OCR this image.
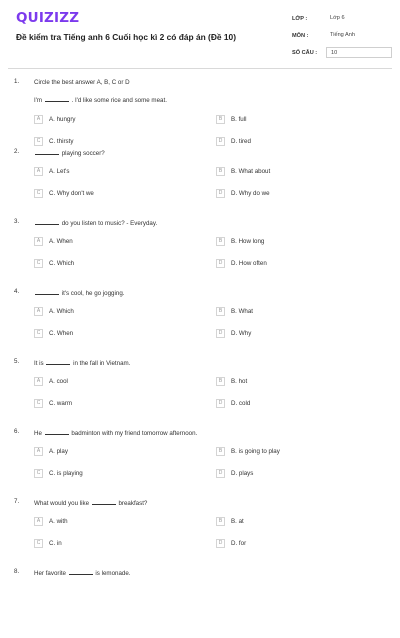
QUIZIZZ
Đề kiểm tra Tiếng anh 6 Cuối học kì 2 có đáp án (Đề 10)
LỚP :	Lớp 6
MÔN :	Tiếng Anh
SỐ CÂU :	10
1. Circle the best answer A, B, C or D
I'm	. I'd like some rice and some meat.
A	A. hungry	B	B. full
C	C. thirsty	D	D. tired
2.	playing soccer?
A	A. Let's	B	B. What about
C	C. Why don't we	D	D. Why do we
3.	do you listen to music? - Everyday.
A	A. When	B	B. How long
C	C. Which	D	D. How often
4.	it's cool, he go jogging.
A	A. Which	B	B. What
C	C. When	D	D. Why
5. It is	in the fall in Vietnam.
A	A. cool	B	B. hot
C	C. warm	D	D. cold
6. He	badminton with my friend tomorrow afternoon.
A	A. play	B	B. is going to play
C	C. is playing	D	D. plays
7. What would you like	breakfast?
A	A. with	B	B. at
C	C. in	D	D. for
8. Her favorite	is lemonade.
